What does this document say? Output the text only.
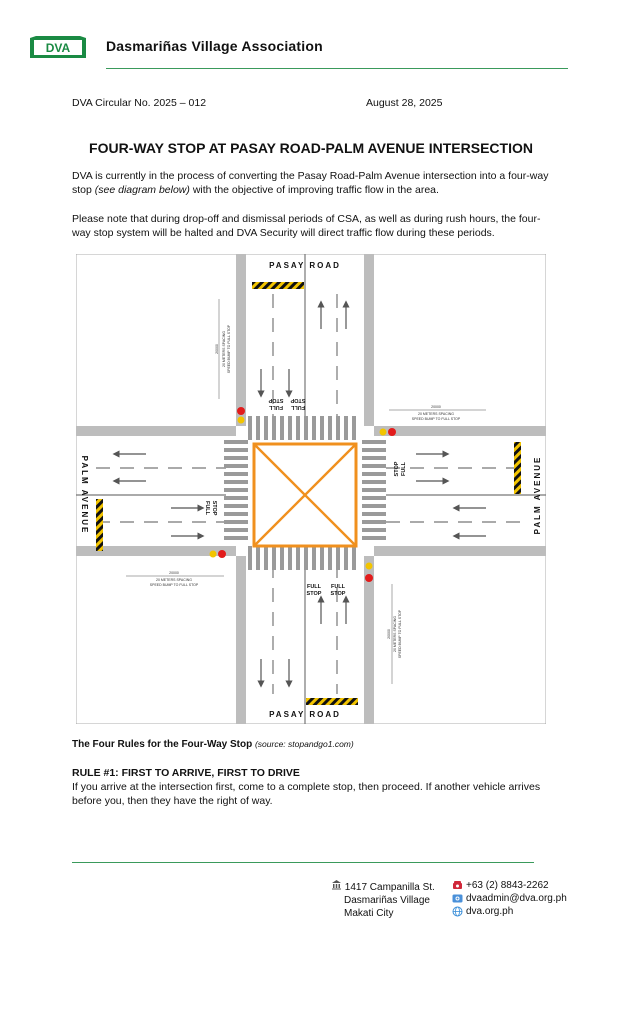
DVA	Dasmariñas Village Association
DVA Circular No. 2025 – 012	August 28, 2025
FOUR-WAY STOP AT PASAY ROAD-PALM AVENUE INTERSECTION
DVA is currently in the process of converting the Pasay Road-Palm Avenue intersection into a four-way stop (see diagram below) with the objective of improving traffic flow in the area.
Please note that during drop-off and dismissal periods of CSA, as well as during rush hours, the four-way stop system will be halted and DVA Security will direct traffic flow during these periods.
PASAY ROAD
PASAY ROAD
PALM AVENUE	PALM AVENUE
FULL
STOP
FULL
STOP
FULL
STOP
FULL
STOP
FULL STOP
FULL
STOP
20000
20 METERS SPACING
SPEED BUMP TO FULL STOP
20000
20 METERS SPACING
SPEED BUMP TO FULL STOP
20000 20 METERS SPACING SPEED BUMP TO FULL STOP
20000 20 METERS SPACING SPEED BUMP TO FULL STOP
The Four Rules for the Four-Way Stop (source: stopandgo1.com)
RULE #1: FIRST TO ARRIVE, FIRST TO DRIVE
If you arrive at the intersection first, come to a complete stop, then proceed. If another vehicle arrives before you, then they have the right of way.
1417 Campanilla St.
Dasmariñas Village
Makati City
+63 (2) 8843-2262
dvaadmin@dva.org.ph
dva.org.ph
